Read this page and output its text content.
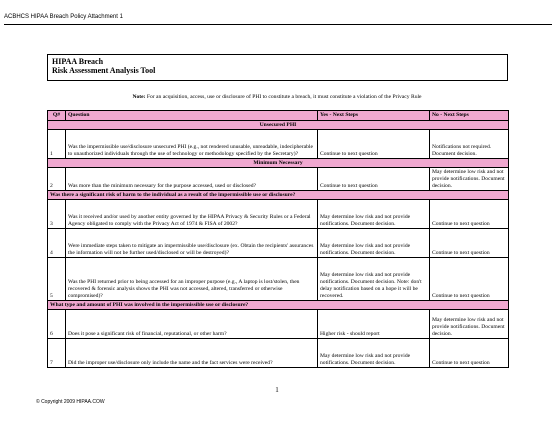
ACBHCS HIPAA Breach Policy Attachment 1
HIPAA Breach
Risk Assessment Analysis Tool
Note: For an acquisition, access, use or disclosure of PHI to constitute a breach, it must constitute a violation of the Privacy Rule
Q#	Question	Yes - Next Steps	No - Next Steps
Unsecured PHI			
1	Was the impermissible use/disclosure unsecured PHI (e.g., not rendered unusable, unreadable, indecipherable to unauthorized individuals through the use of technology or methodology specified by the Secretary)?	Continue to next question	Notifications not required. Document decision.
Minimum Necessary			
2	Was more than the minimum necessary for the purpose accessed, used or disclosed?	Continue to next question	May determine low risk and not provide notifications. Document decision.
Was there a significant risk of harm to the individual as a result of the impermissible use or disclosure?			
3	Was it received and/or used by another entity governed by the HIPAA Privacy & Security Rules or a Federal Agency obligated to comply with the Privacy Act of 1974 & FISA of 2002?	May determine low risk and not provide notifications. Document decision.	Continue to next question
4	Were immediate steps taken to mitigate an impermissible use/disclosure (ex. Obtain the recipients' assurances the information will not be further used/disclosed or will be destroyed)?	May determine low risk and not provide notifications. Document decision.	Continue to next question
5	Was the PHI returned prior to being accessed for an improper purpose (e.g., A laptop is lost/stolen, then recovered & forensic analysis shows the PHI was not accessed, altered, transferred or otherwise compromised)?	May determine low risk and not provide notifications. Document decision. Note: don't delay notification based on a hope it will be recovered.	Continue to next question
What type and amount of PHI was involved in the impermissible use or disclosure?			
6	Does it pose a significant risk of financial, reputational, or other harm?	Higher risk - should report	May determine low risk and not provide notifications. Document decision.
7	Did the improper use/disclosure only include the name and the fact services were received?	May determine low risk and not provide notifications. Document decision.	Continue to next question
1
© Copyright 2009 HIPAA.COW
